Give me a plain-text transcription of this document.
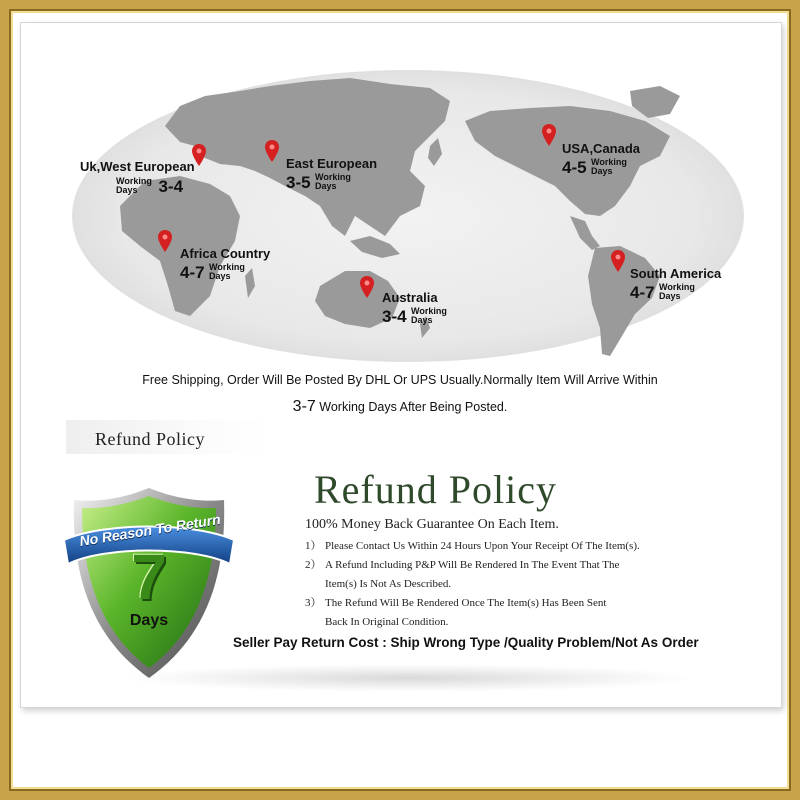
Uk,West European
Working Days 3-4
East European
3-5 Working Days
USA,Canada
4-5 Working Days
Africa Country
4-7 Working Days
Australia
3-4 Working Days
South America
4-7 Working Days
Free Shipping, Order Will Be Posted By DHL Or UPS Usually.Normally Item Will Arrive Within
3-7 Working Days After Being Posted.
Refund Policy
No Reason To Return
7
Days
Refund Policy
100% Money Back Guarantee On Each Item.
1） Please Contact Us Within 24 Hours Upon Your Receipt Of The Item(s).
2） A Refund Including P&P Will Be Rendered In The Event That The
Item(s) Is Not As Described.
3） The Refund Will Be Rendered Once The Item(s) Has Been Sent
Back In Original Condition.
Seller Pay Return Cost : Ship Wrong Type /Quality Problem/Not As Order
